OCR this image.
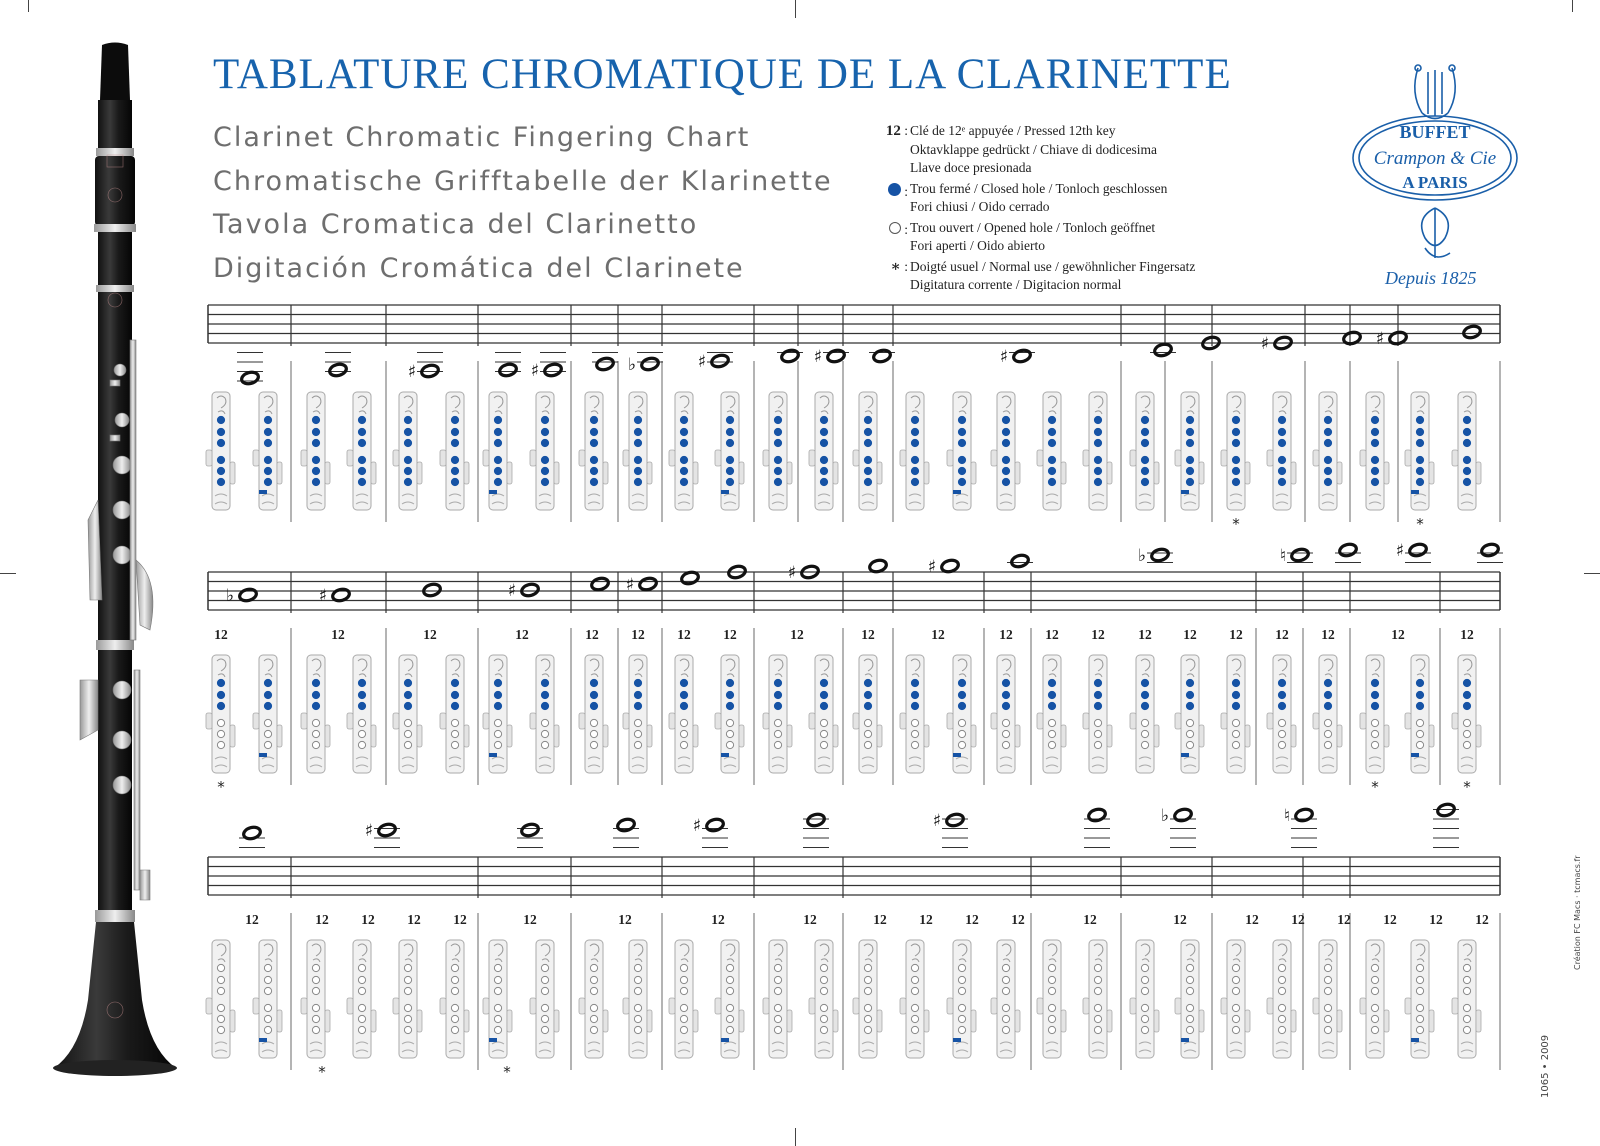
TABLATURE CHROMATIQUE DE LA CLARINETTE
Clarinet Chromatic Fingering Chart
Chromatische Grifftabelle der Klarinette
Tavola Cromatica del Clarinetto
Digitación Cromática del Clarinete
12 : Clé de 12ᵉ appuyée / Pressed 12th key
Oktavklappe gedrückt / Chiave di dodicesima
Llave doce presionada
: Trou fermé / Closed hole / Tonloch geschlossen
Fori chiusi / Oido cerrado
: Trou ouvert / Opened hole / Tonloch geöffnet
Fori aperti / Oido abierto
∗ : Doigté usuel / Normal use / gewöhnlicher Fingersatz
Digitatura corrente / Digitacion normal
BUFFET
Crampon & Cie
A PARIS
Depuis 1825
♯	♯	♭	♯	♯	♯
♯	♯
*	*
♭	♯	♯	♯
♯	♯
♭	♮	♯
12	12	12	12	12 12 12 12	12	12	12	12 12 12 12 12 12 12 12	12	12
*	*	*
♯	♯	♯	♭	♮
12	12 12 12 12	12	12	12	12	12 12 12 12	12	12	12 12 12 12 12 12
*	*	1065 • 2009
Création FC Macs · tcmacs.fr
